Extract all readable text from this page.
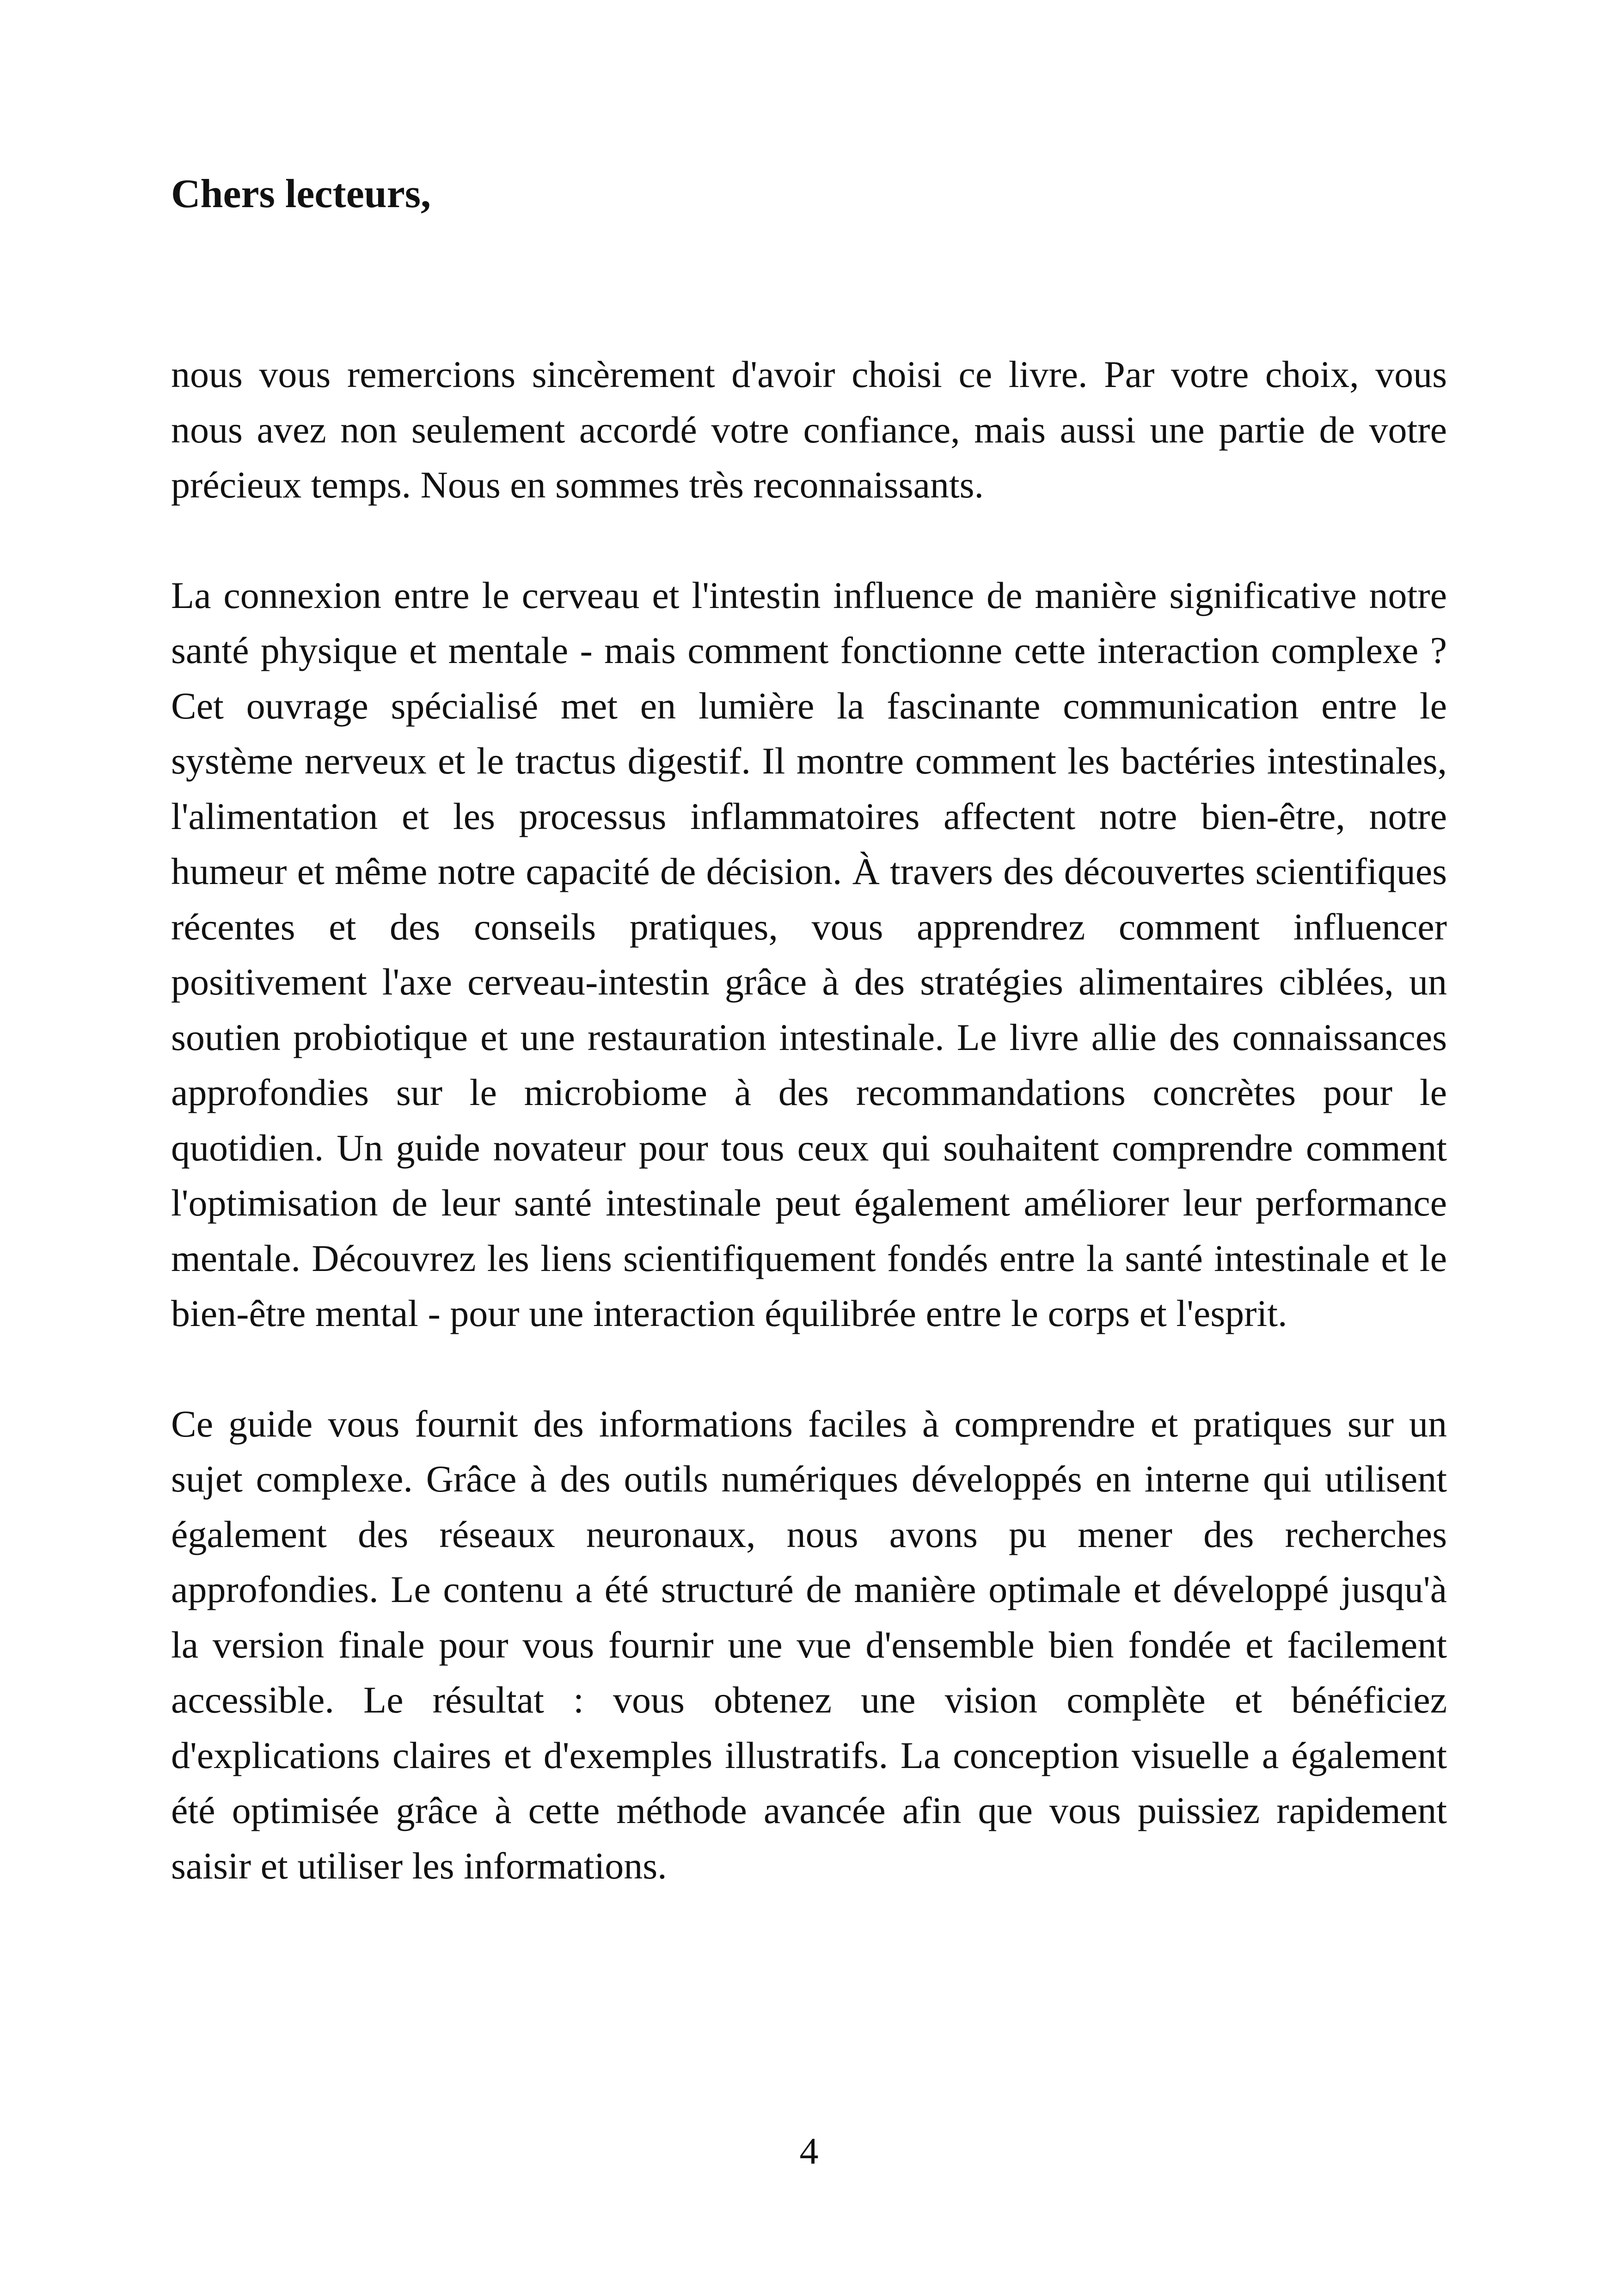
Chers lecteurs,

nous vous remercions sincèrement d'avoir choisi ce livre. Par votre choix, vous nous avez non seulement accordé votre confiance, mais aussi une partie de votre précieux temps. Nous en sommes très reconnaissants.

La connexion entre le cerveau et l'intestin influence de manière significative notre santé physique et mentale - mais comment fonctionne cette interaction complexe ? Cet ouvrage spécialisé met en lumière la fascinante communication entre le système nerveux et le tractus digestif. Il montre comment les bactéries intestinales, l'alimentation et les processus inflammatoires affectent notre bien-être, notre humeur et même notre capacité de décision. À travers des découvertes scientifiques récentes et des conseils pratiques, vous apprendrez comment influencer positivement l'axe cerveau-intestin grâce à des stratégies alimentaires ciblées, un soutien probiotique et une restauration intestinale. Le livre allie des connaissances approfondies sur le microbiome à des recommandations concrètes pour le quotidien. Un guide novateur pour tous ceux qui souhaitent comprendre comment l'optimisation de leur santé intestinale peut également améliorer leur performance mentale. Découvrez les liens scientifiquement fondés entre la santé intestinale et le bien-être mental - pour une interaction équilibrée entre le corps et l'esprit.

Ce guide vous fournit des informations faciles à comprendre et pratiques sur un sujet complexe. Grâce à des outils numériques développés en interne qui utilisent également des réseaux neuronaux, nous avons pu mener des recherches approfondies. Le contenu a été structuré de manière optimale et développé jusqu'à la version finale pour vous fournir une vue d'ensemble bien fondée et facilement accessible. Le résultat : vous obtenez une vision complète et bénéficiez d'explications claires et d'exemples illustratifs. La conception visuelle a également été optimisée grâce à cette méthode avancée afin que vous puissiez rapidement saisir et utiliser les informations.

4
